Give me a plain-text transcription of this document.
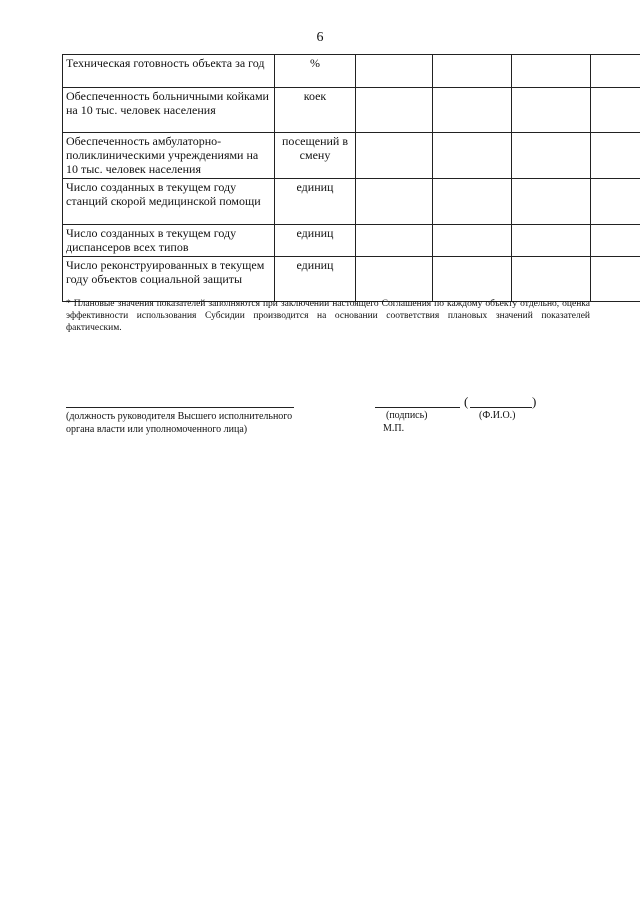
6
Техническая готовность объекта за год	%				
Обеспеченность больничными койками на 10 тыс. человек населения	коек				
Обеспеченность амбулаторно-поликлиническими учреждениями на 10 тыс. человек населения	посещений в смену				
Число созданных в текущем году станций скорой медицинской помощи	единиц				
Число созданных в текущем году диспансеров всех типов	единиц				
Число реконструированных в текущем году объектов социальной защиты	единиц				
* Плановые значения показателей заполняются при заключении настоящего Соглашения по каждому объекту отдельно, оценка эффективности использования Субсидии производится на основании соответствия плановых значений показателей фактическим.
(	)
(должность руководителя Высшего исполнительного
органа власти или уполномоченного лица)
(подпись)	(Ф.И.О.)
М.П.
